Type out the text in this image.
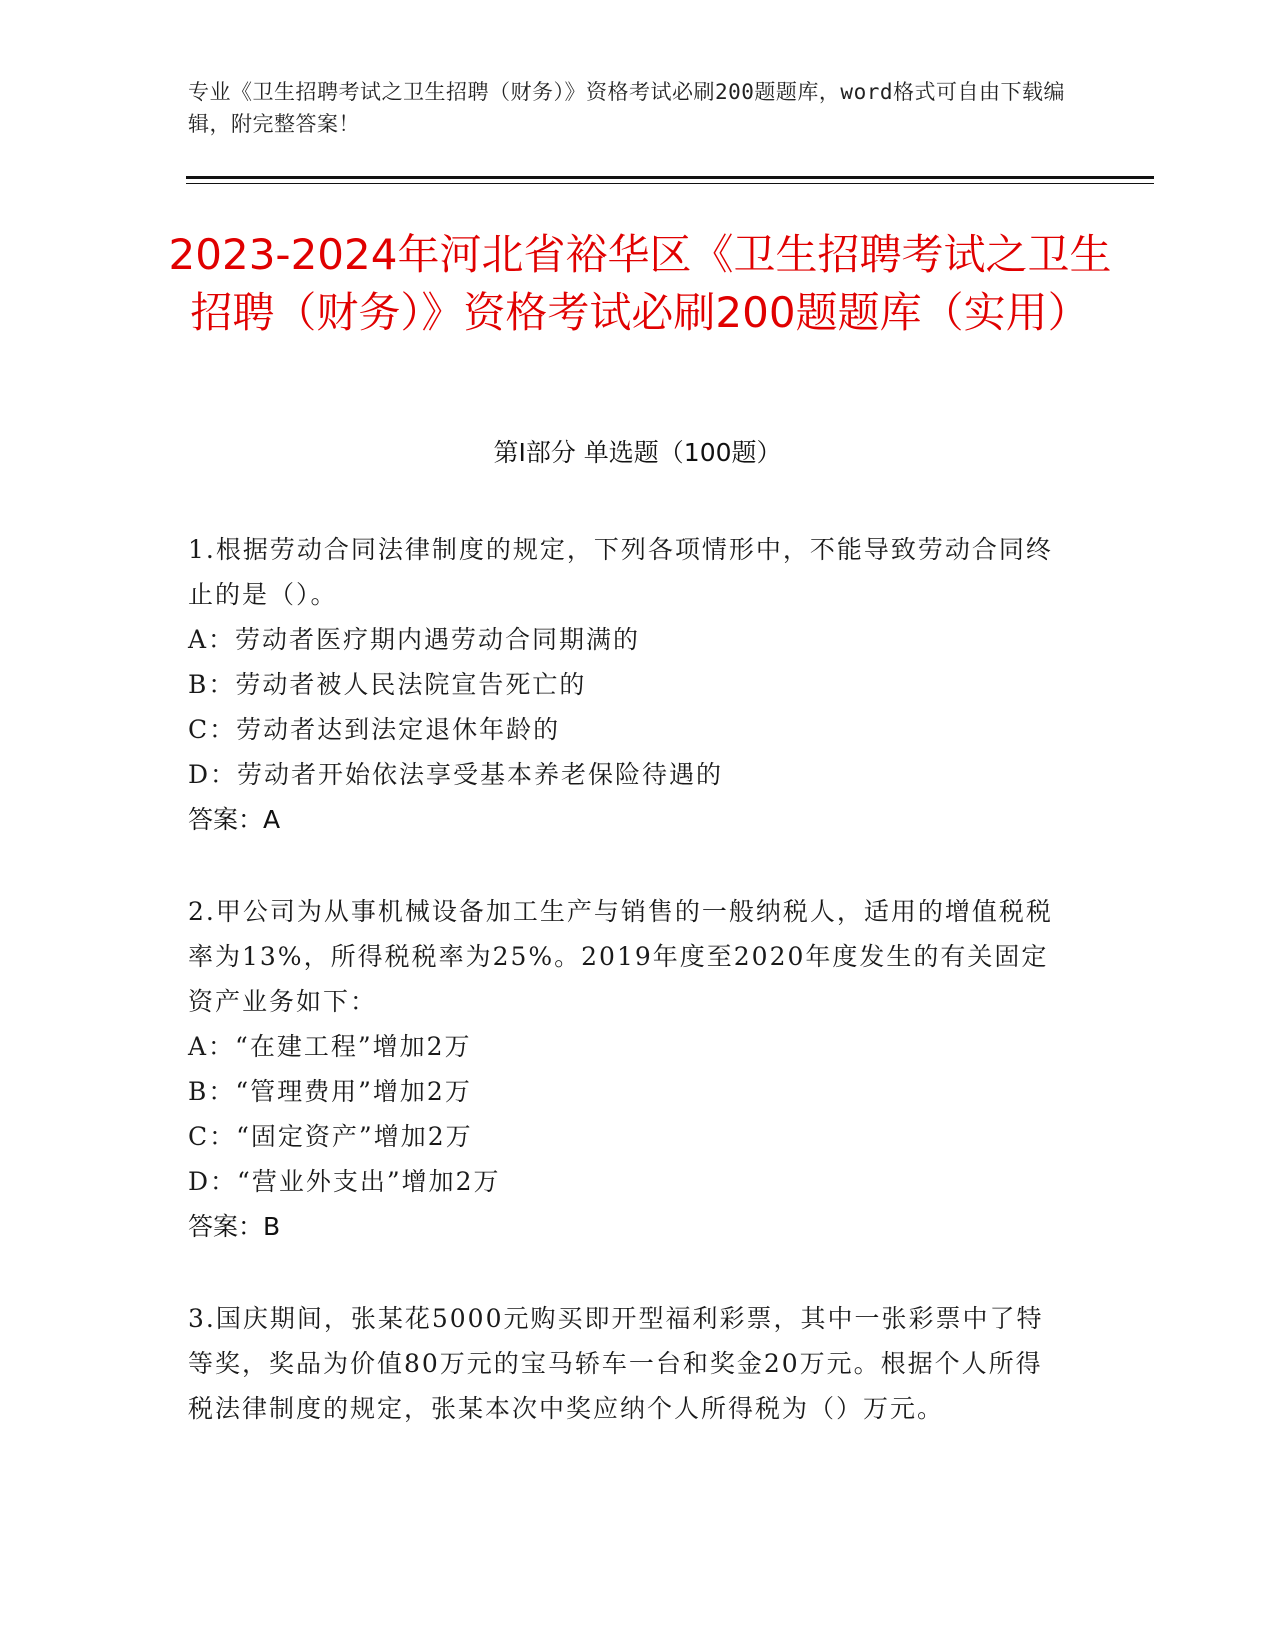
专业《卫生招聘考试之卫生招聘（财务）》资格考试必刷200题题库，word格式可自由下载编辑，附完整答案！
2023-2024年河北省裕华区《卫生招聘考试之卫生招聘（财务）》资格考试必刷200题题库（实用）
第I部分 单选题（100题）
1.根据劳动合同法律制度的规定，下列各项情形中，不能导致劳动合同终止的是（）。
A：劳动者医疗期内遇劳动合同期满的
B：劳动者被人民法院宣告死亡的
C：劳动者达到法定退休年龄的
D：劳动者开始依法享受基本养老保险待遇的
答案：A
2.甲公司为从事机械设备加工生产与销售的一般纳税人，适用的增值税税率为13%，所得税税率为25%。2019年度至2020年度发生的有关固定资产业务如下：
A：“在建工程”增加2万
B：“管理费用”增加2万
C：“固定资产”增加2万
D：“营业外支出”增加2万
答案：B
3.国庆期间，张某花5000元购买即开型福利彩票，其中一张彩票中了特等奖，奖品为价值80万元的宝马轿车一台和奖金20万元。根据个人所得税法律制度的规定，张某本次中奖应纳个人所得税为（）万元。
